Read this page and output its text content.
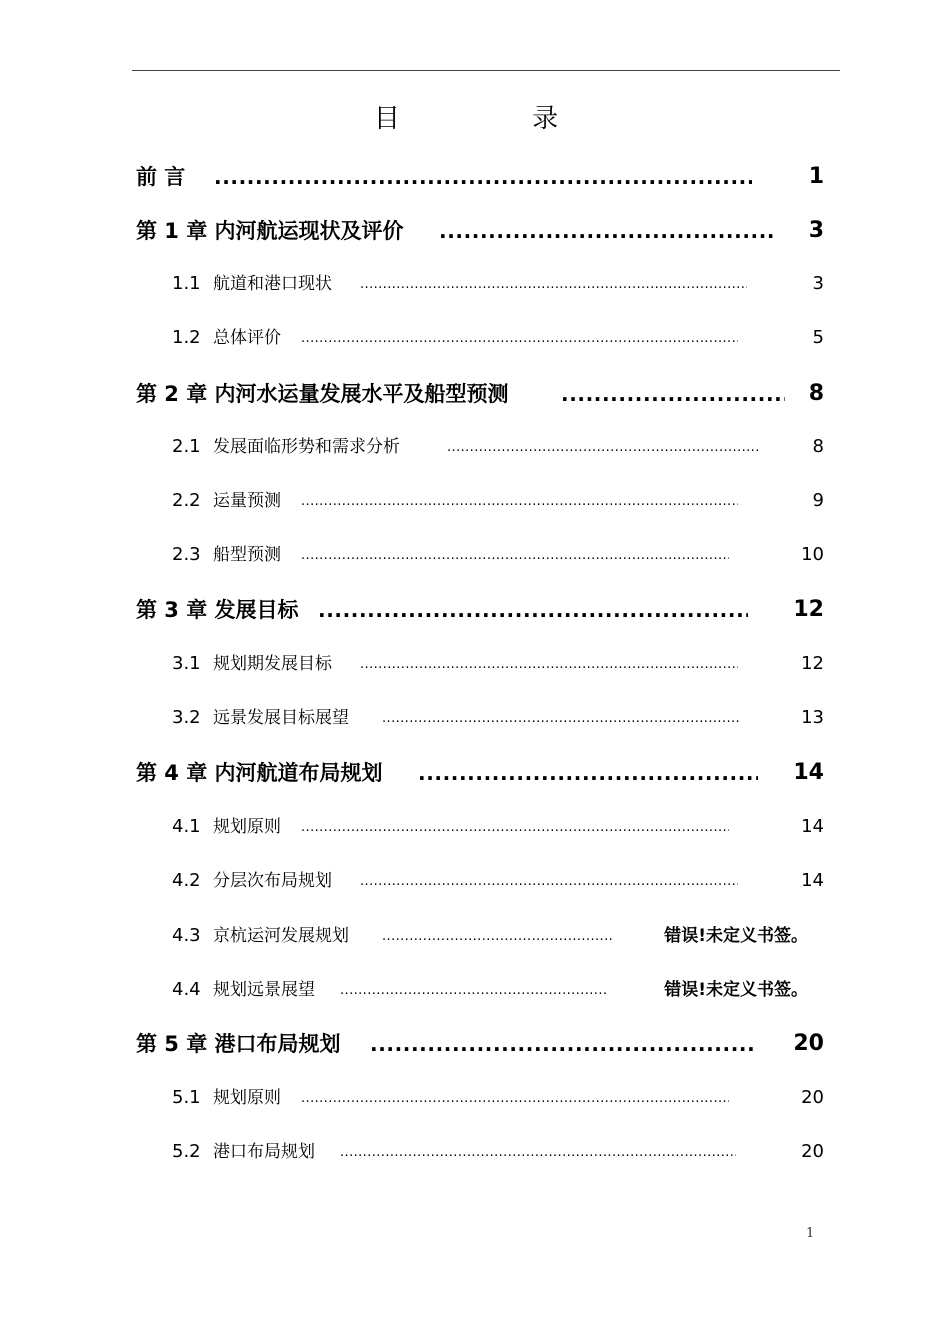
目 录
前 言 .....	1
第 1 章 内河航运现状及评价 .....	3
1.1 航道和港口现状 .....	3
1.2 总体评价 .....	5
第 2 章 内河水运量发展水平及船型预测 .....	8
2.1 发展面临形势和需求分析 .....	8
2.2 运量预测 .....	9
2.3 船型预测 .....	10
第 3 章 发展目标 .....	12
3.1 规划期发展目标 .....	12
3.2 远景发展目标展望 .....	13
第 4 章 内河航道布局规划 .....	14
4.1 规划原则 .....	14
4.2 分层次布局规划 .....	14
4.3 京杭运河发展规划 .....	错误!未定义书签。
4.4 规划远景展望 .....	错误!未定义书签。
第 5 章 港口布局规划 .....	20
5.1 规划原则 .....	20
5.2 港口布局规划 .....	20
1
